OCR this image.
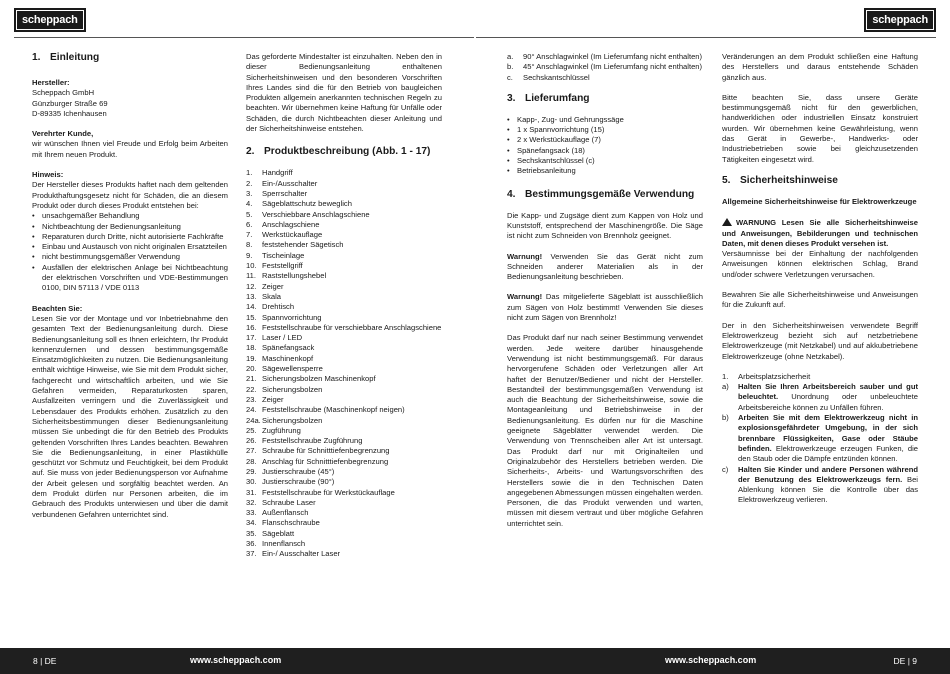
scheppach	scheppach
1. Einleitung
Hersteller:
Scheppach GmbH
Günzburger Straße 69
D-89335 Ichenhausen

Verehrter Kunde,
wir wünschen Ihnen viel Freude und Erfolg beim Arbeiten mit Ihrem neuen Produkt.

Hinweis:
Der Hersteller dieses Produkts haftet nach dem geltenden Produkthaftungsgesetz nicht für Schäden, die an diesem Produkt oder durch dieses Produkt entstehen bei:
• unsachgemäßer Behandlung
• Nichtbeachtung der Bedienungsanleitung
• Reparaturen durch Dritte, nicht autorisierte Fachkräfte
• Einbau und Austausch von nicht originalen Ersatzteilen
• nicht bestimmungsgemäßer Verwendung
• Ausfällen der elektrischen Anlage bei Nichtbeachtung der elektrischen Vorschriften und VDE-Bestimmungen 0100, DIN 57113 / VDE 0113
Beachten Sie:
Lesen Sie vor der Montage und vor Inbetriebnahme den gesamten Text der Bedienungsanleitung durch. Diese Bedienungsanleitung soll es Ihnen erleichtern, Ihr Produkt kennenzulernen und dessen bestimmungsgemäße Einsatzmöglichkeiten zu nutzen. Die Bedienungsanleitung enthält wichtige Hinweise, wie Sie mit dem Produkt sicher, fachgerecht und wirtschaftlich arbeiten, und wie Sie Gefahren vermeiden, Reparaturkosten sparen, Ausfallzeiten verringern und die Zuverlässigkeit und Lebensdauer des Produkts erhöhen. Zusätzlich zu den Sicherheitsbestimmungen dieser Bedienungsanleitung müssen Sie unbedingt die für den Betrieb des Produkts geltenden Vorschriften Ihres Landes beachten. Bewahren Sie die Bedienungsanleitung, in einer Plastikhülle geschützt vor Schmutz und Feuchtigkeit, bei dem Produkt auf. Sie muss von jeder Bedienungsperson vor Aufnahme der Arbeit gelesen und sorgfältig beachtet werden. An dem Produkt dürfen nur Personen arbeiten, die im Gebrauch des Produkts unterwiesen und über die damit verbundenen Gefahren unterrichtet sind.

Das geforderte Mindestalter ist einzuhalten. Neben den in dieser Bedienungsanleitung enthaltenen Sicherheitshinweisen und den besonderen Vorschriften Ihres Landes sind die für den Betrieb von baugleichen Produkten allgemein anerkannten technischen Regeln zu beachten. Wir übernehmen keine Haftung für Unfälle oder Schäden, die durch Nichtbeachten dieser Anleitung und der Sicherheitshinweise entstehen.

2. Produktbeschreibung (Abb. 1 - 17)
1.	Handgriff
2.	Ein-/Ausschalter
3.	Sperrschalter
4.	Sägeblattschutz beweglich
5.	Verschiebbare Anschlagschiene
6.	Anschlagschiene
7.	Werkstückauflage
8.	feststehender Sägetisch
9.	Tischeinlage
10. Feststellgriff
11. Raststellungshebel
12. Zeiger
13. Skala
14. Drehtisch
15. Spannvorrichtung
16. Feststellschraube für verschiebbare Anschlagschiene
17. Laser / LED
18. Spänefangsack
19. Maschinenkopf
20. Sägewellensperre
21. Sicherungsbolzen Maschinenkopf
22. Sicherungsbolzen
23. Zeiger
24. Feststellschraube (Maschinenkopf neigen)
24a. Sicherungsbolzen
25. Zugführung
26. Feststellschraube Zugführung
27. Schraube für Schnitttiefenbegrenzung
28. Anschlag für Schnitttiefenbegrenzung
29. Justierschraube (45°)
30. Justierschraube (90°)
31. Feststellschraube für Werkstückauflage
32. Schraube Laser
33. Außenflansch
34. Flanschschraube
35. Sägeblatt
36. Innenflansch
37. Ein-/ Ausschalter Laser
a.	90° Anschlagwinkel (Im Lieferumfang nicht enthalten)
b.	45° Anschlagwinkel (Im Lieferumfang nicht enthalten)
c.	Sechskantschlüssel
3. Lieferumfang
• Kapp-, Zug- und Gehrungssäge
• 1 x Spannvorrichtung (15)
• 2 x Werkstückauflage (7)
• Spänefangsack (18)
• Sechskantschlüssel (c)
• Betriebsanleitung
4. Bestimmungsgemäße Verwendung

Die Kapp- und Zugsäge dient zum Kappen von Holz und Kunststoff, entsprechend der Maschinengröße. Die Säge ist nicht zum Schneiden von Brennholz geeignet.

Warnung! Verwenden Sie das Gerät nicht zum Schneiden anderer Materialien als in der Bedienungsanleitung beschrieben.

Warnung! Das mitgelieferte Sägeblatt ist ausschließlich zum Sägen von Holz bestimmt! Verwenden Sie dieses nicht zum Sägen von Brennholz!

Das Produkt darf nur nach seiner Bestimmung verwendet werden. Jede weitere darüber hinausgehende Verwendung ist nicht bestimmungsgemäß. Für daraus hervorgerufene Schäden oder Verletzungen aller Art haftet der Benutzer/Bediener und nicht der Hersteller. Bestandteil der bestimmungsgemäßen Verwendung ist auch die Beachtung der Sicherheitshinweise, sowie die Montageanleitung und Betriebshinweise in der Bedienungsanleitung. Es dürfen nur für die Maschine geeignete Sägeblätter verwendet werden. Die Verwendung von Trennscheiben aller Art ist untersagt. Das Produkt darf nur mit Originalteilen und Originalzubehör des Herstellers betrieben werden. Die Sicherheits-, Arbeits- und Wartungsvorschriften des Herstellers sowie die in den Technischen Daten angegebenen Abmessungen müssen eingehalten werden. Personen, die das Produkt verwenden und warten, müssen mit diesem vertraut und über mögliche Gefahren unterrichtet sein.

Veränderungen an dem Produkt schließen eine Haftung des Herstellers und daraus entstehende Schäden gänzlich aus.

Bitte beachten Sie, dass unsere Geräte bestimmungsgemäß nicht für den gewerblichen, handwerklichen oder industriellen Einsatz konstruiert wurden. Wir übernehmen keine Gewährleistung, wenn das Gerät in Gewerbe-, Handwerks- oder Industriebetrieben sowie bei gleichzusetzenden Tätigkeiten eingesetzt wird.

5. Sicherheitshinweise

Allgemeine Sicherheitshinweise für Elektrowerkzeuge

WARNUNG Lesen Sie alle Sicherheitshinweise und Anweisungen, Bebilderungen und technischen Daten, mit denen dieses Produkt versehen ist.
Versäumnisse bei der Einhaltung der nachfolgenden Anweisungen können elektrischen Schlag, Brand und/oder schwere Verletzungen verursachen.

Bewahren Sie alle Sicherheitshinweise und Anweisungen für die Zukunft auf.

Der in den Sicherheitshinweisen verwendete Begriff Elektrowerkzeug bezieht sich auf netzbetriebene Elektrowerkzeuge (mit Netzkabel) und auf akkubetriebene Elektrowerkzeuge (ohne Netzkabel).

1.	Arbeitsplatzsicherheit
a)	Halten Sie Ihren Arbeitsbereich sauber und gut beleuchtet. Unordnung oder unbeleuchtete Arbeitsbereiche können zu Unfällen führen.
b)	Arbeiten Sie mit dem Elektrowerkzeug nicht in explosionsgefährdeter Umgebung, in der sich brennbare Flüssigkeiten, Gase oder Stäube befinden. Elektrowerkzeuge erzeugen Funken, die den Staub oder die Dämpfe entzünden können.
c)	Halten Sie Kinder und andere Personen während der Benutzung des Elektrowerkzeugs fern. Bei Ablenkung können Sie die Kontrolle über das Elektrowerkzeug verlieren.
8 | DE	www.scheppach.com	www.scheppach.com	DE | 9
